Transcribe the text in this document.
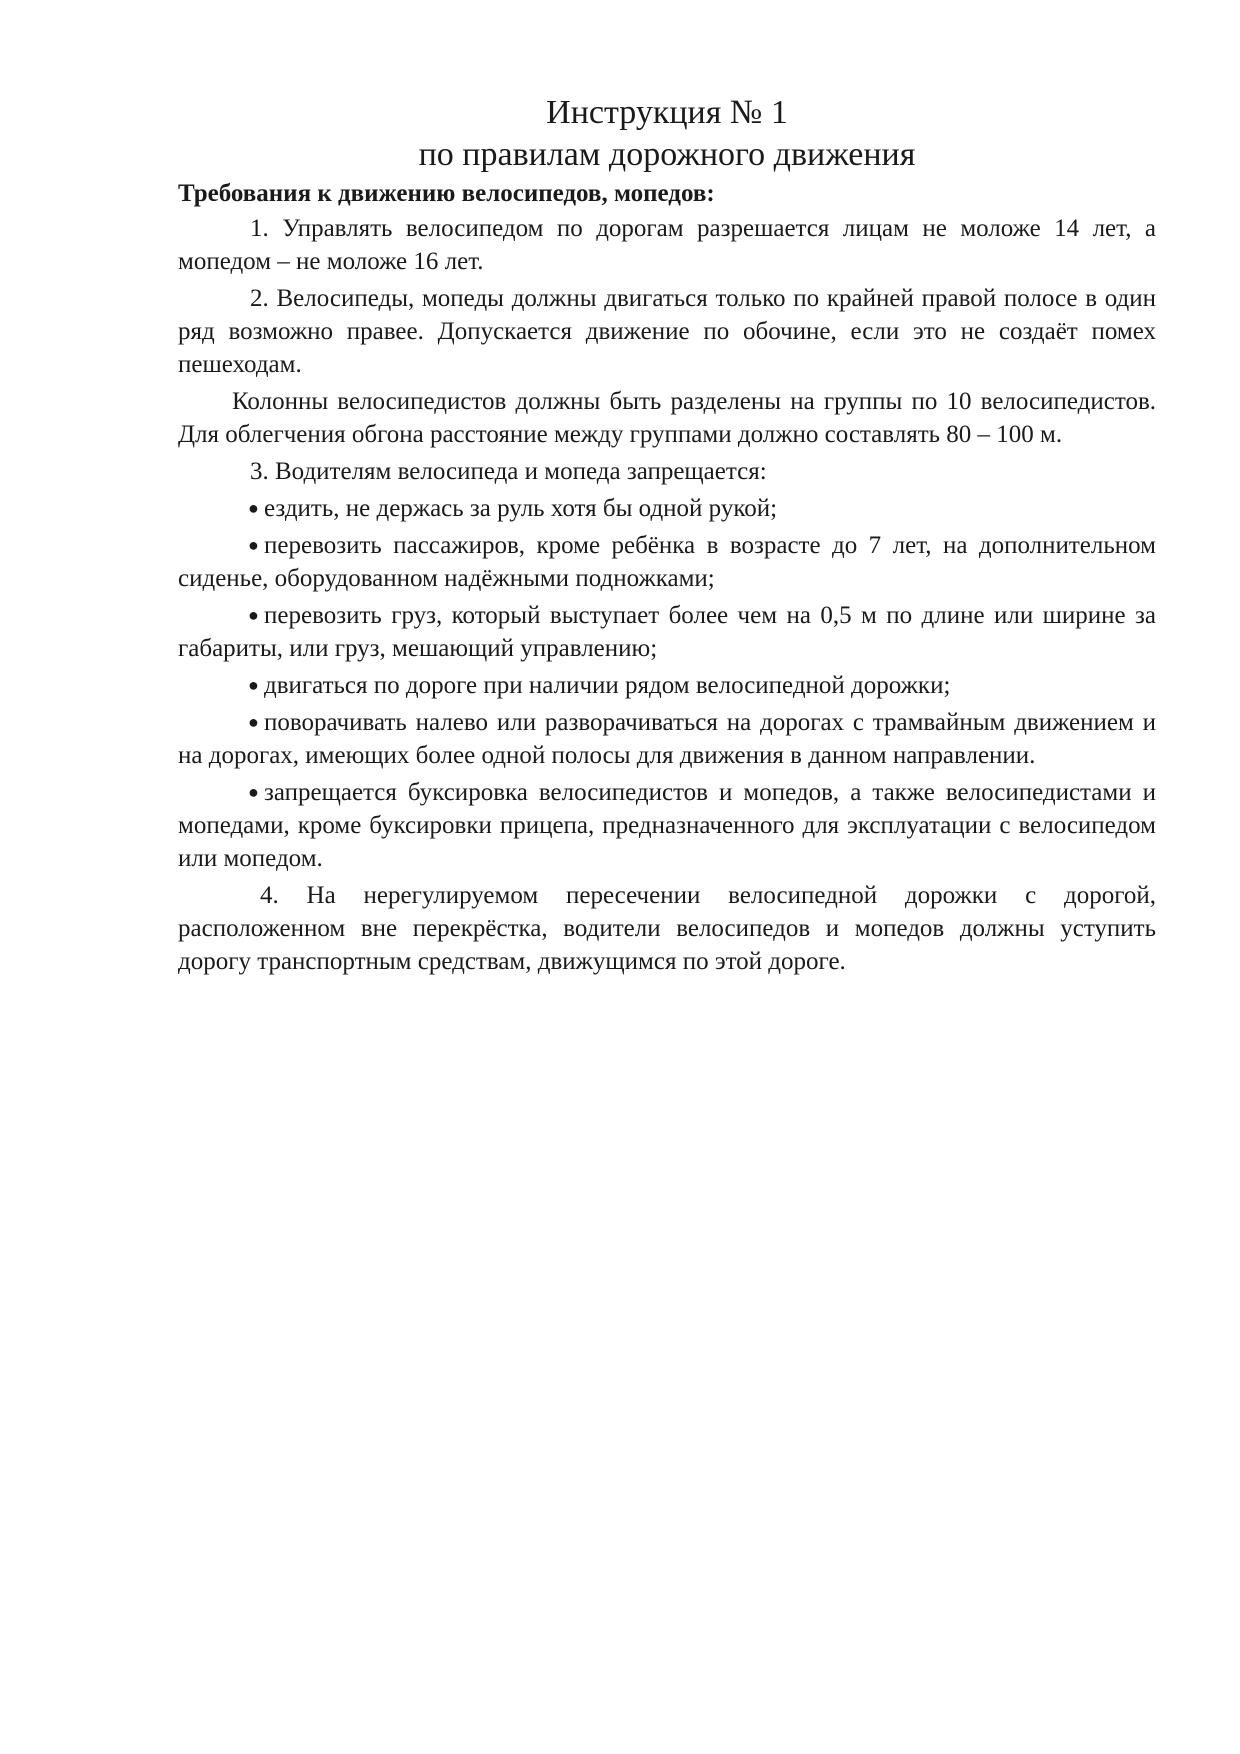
Инструкция № 1
по правилам дорожного движения
Требования к движению велосипедов, мопедов:

1. Управлять велосипедом по дорогам разрешается лицам не моложе 14 лет, а мопедом – не моложе 16 лет.

2. Велосипеды, мопеды должны двигаться только по крайней правой полосе в один ряд возможно правее. Допускается движение по обочине, если это не создаёт помех пешеходам.

Колонны велосипедистов должны быть разделены на группы по 10 велосипедистов. Для облегчения обгона расстояние между группами должно составлять 80 – 100 м.

3. Водителям велосипеда и мопеда запрещается:

● ездить, не держась за руль хотя бы одной рукой;

● перевозить пассажиров, кроме ребёнка в возрасте до 7 лет, на дополнительном сиденье, оборудованном надёжными подножками;

● перевозить груз, который выступает более чем на 0,5 м по длине или ширине за габариты, или груз, мешающий управлению;

● двигаться по дороге при наличии рядом велосипедной дорожки;

● поворачивать налево или разворачиваться на дорогах с трамвайным движением и на дорогах, имеющих более одной полосы для движения в данном направлении.

● запрещается буксировка велосипедистов и мопедов, а также велосипедистами и мопедами, кроме буксировки прицепа, предназначенного для эксплуатации с велосипедом или мопедом.

4. На нерегулируемом пересечении велосипедной дорожки с дорогой, расположенном вне перекрёстка, водители велосипедов и мопедов должны уступить дорогу транспортным средствам, движущимся по этой дороге.
